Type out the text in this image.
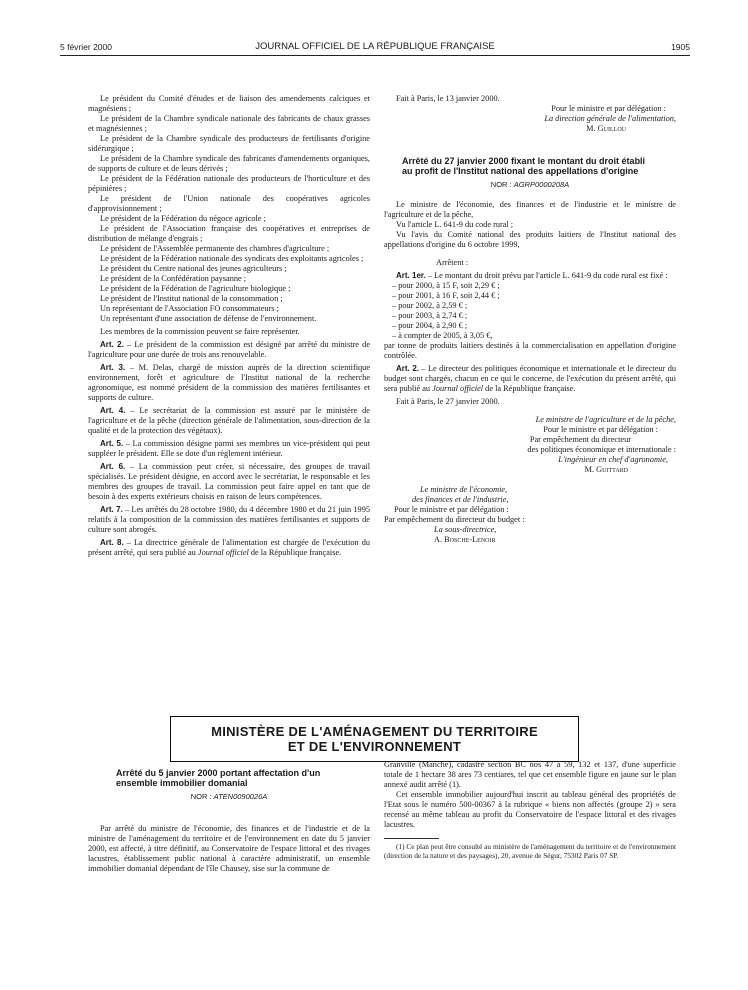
5 février 2000	JOURNAL OFFICIEL DE LA RÉPUBLIQUE FRANÇAISE	1905

Le président du Comité d'études et de liaison des amendements calciques et magnésiens ;

Le président de la Chambre syndicale nationale des fabricants de chaux grasses et magnésiennes ;

Le président de la Chambre syndicale des producteurs de fertilisants d'origine sidérurgique ;

Le président de la Chambre syndicale des fabricants d'amendements organiques, de supports de culture et de leurs dérivés ;

Le président de la Fédération nationale des producteurs de l'horticulture et des pépinières ;

Le président de l'Union nationale des coopératives agricoles d'approvisionnement ;

Le président de la Fédération du négoce agricole ;

Le président de l'Association française des coopératives et entreprises de distribution de mélange d'engrais ;

Le président de l'Assemblée permanente des chambres d'agriculture ;

Le président de la Fédération nationale des syndicats des exploitants agricoles ;

Le président du Centre national des jeunes agriculteurs ;

Le président de la Confédération paysanne ;

Le président de la Fédération de l'agriculture biologique ;

Le président de l'Institut national de la consommation ;

Un représentant de l'Association FO consommateurs ;

Un représentant d'une association de défense de l'environnement.

Les membres de la commission peuvent se faire représenter.

Art. 2. – Le président de la commission est désigné par arrêté du ministre de l'agriculture pour une durée de trois ans renouvelable.

Art. 3. – M. Delas, chargé de mission auprès de la direction scientifique environnement, forêt et agriculture de l'Institut national de la recherche agronomique, est nommé président de la commission des matières fertilisantes et supports de culture.

Art. 4. – Le secrétariat de la commission est assuré par le ministère de l'agriculture et de la pêche (direction générale de l'alimentation, sous-direction de la qualité et de la protection des végétaux).

Art. 5. – La commission désigne parmi ses membres un vice-président qui peut suppléer le président. Elle se dote d'un règlement intérieur.

Art. 6. – La commission peut créer, si nécessaire, des groupes de travail spécialisés. Le président désigne, en accord avec le secrétariat, le responsable et les membres des groupes de travail. La commission peut faire appel en tant que de besoin à des experts extérieurs choisis en raison de leurs compétences.

Art. 7. – Les arrêtés du 28 octobre 1980, du 4 décembre 1980 et du 21 juin 1995 relatifs à la composition de la commission des matières fertilisantes et supports de culture sont abrogés.

Art. 8. – La directrice générale de l'alimentation est chargée de l'exécution du présent arrêté, qui sera publié au Journal officiel de la République française.

Fait à Paris, le 13 janvier 2000.

Pour le ministre et par délégation :

La direction générale de l'alimentation,

M. Guillou

Arrêté du 27 janvier 2000 fixant le montant du droit établi au profit de l'Institut national des appellations d'origine
NOR : AGRP0000208A

Le ministre de l'économie, des finances et de l'industrie et le ministre de l'agriculture et de la pêche,

Vu l'article L. 641-9 du code rural ;

Vu l'avis du Comité national des produits laitiers de l'Institut national des appellations d'origine du 6 octobre 1999,

Arrêtent :

Art. 1er. – Le montant du droit prévu par l'article L. 641-9 du code rural est fixé :

– pour 2000, à 15 F, soit 2,29 € ;

– pour 2001, à 16 F, soit 2,44 € ;

– pour 2002, à 2,59 € ;

– pour 2003, à 2,74 € ;

– pour 2004, à 2,90 € ;

– à compter de 2005, à 3,05 €,

par tonne de produits laitiers destinés à la commercialisation en appellation d'origine contrôlée.

Art. 2. – Le directeur des politiques économique et internationale et le directeur du budget sont chargés, chacun en ce qui le concerne, de l'exécution du présent arrêté, qui sera publié au Journal officiel de la République française.

Fait à Paris, le 27 janvier 2000.

Le ministre de l'agriculture et de la pêche,

Pour le ministre et par délégation :

Par empêchement du directeur

des politiques économique et internationale :

L'ingénieur en chef d'agronomie,

M. Guittard

Le ministre de l'économie,

des finances et de l'industrie,

Pour le ministre et par délégation :

Par empêchement du directeur du budget :

La sous-directrice,

A. Bosche-Lenoir

MINISTÈRE DE L'AMÉNAGEMENT DU TERRITOIRE
ET DE L'ENVIRONNEMENT
Arrêté du 5 janvier 2000 portant affectation d'un ensemble immobilier domanial
NOR : ATEN0090026A

Par arrêté du ministre de l'économie, des finances et de l'industrie et de la ministre de l'aménagement du territoire et de l'environnement en date du 5 janvier 2000, est affecté, à titre définitif, au Conservatoire de l'espace littoral et des rivages lacustres, établissement public national à caractère administratif, un ensemble immobilier domanial dépendant de l'île Chausey, sise sur la commune de

Granville (Manche), cadastré section BC nos 47 à 59, 132 et 137, d'une superficie totale de 1 hectare 38 ares 73 centiares, tel que cet ensemble figure en jaune sur le plan annexé audit arrêté (1).

Cet ensemble immobilier aujourd'hui inscrit au tableau général des propriétés de l'Etat sous le numéro 500-00367 à la rubrique « biens non affectés (groupe 2) » sera recensé au même tableau au profit du Conservatoire de l'espace littoral et des rivages lacustres.

(1) Ce plan peut être consulté au ministère de l'aménagement du territoire et de l'environnement (direction de la nature et des paysages), 20, avenue de Ségur, 75302 Paris 07 SP.
